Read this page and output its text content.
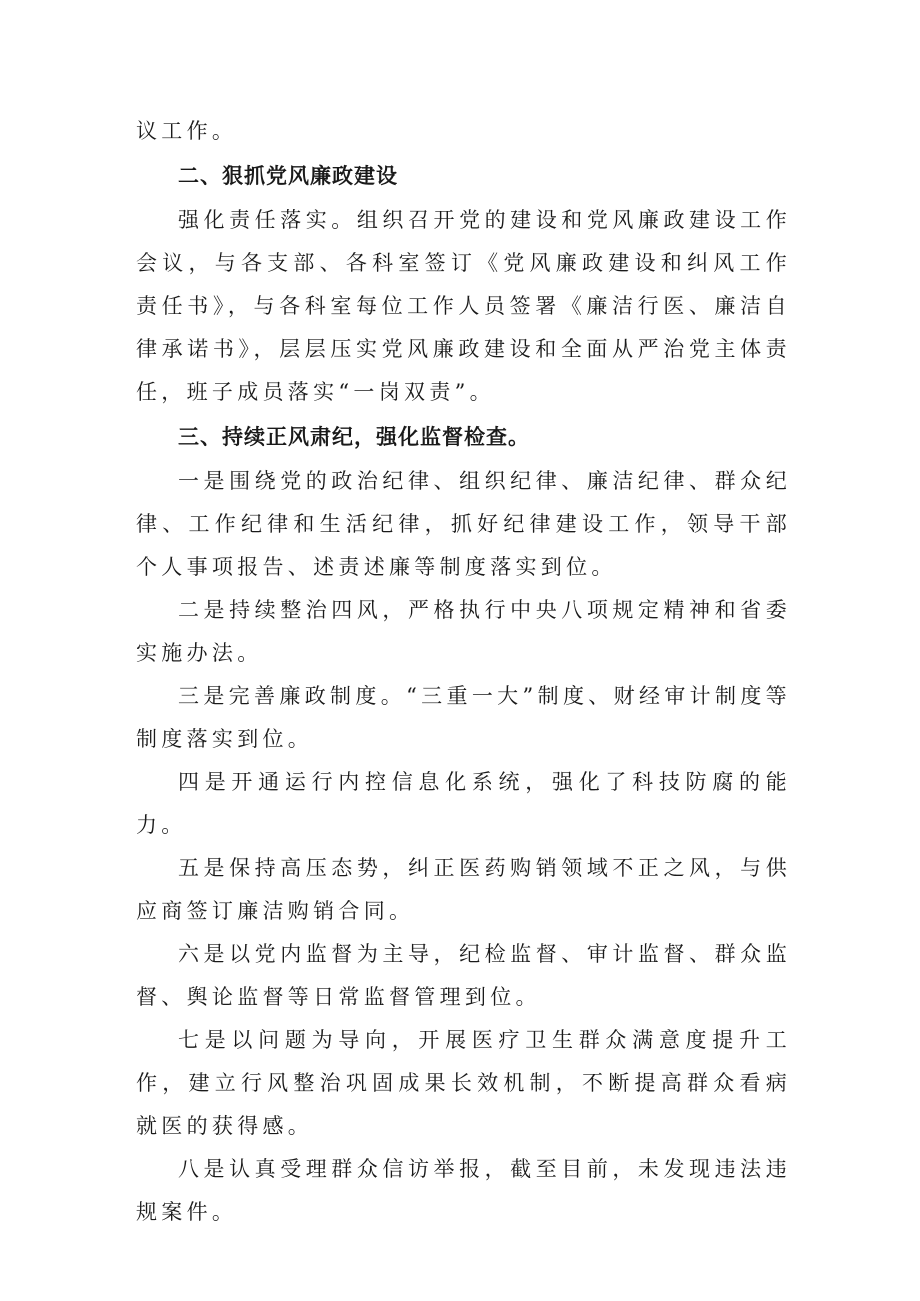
议工作。

二、狠抓党风廉政建设

强化责任落实。组织召开党的建设和党风廉政建设工作会议，与各支部、各科室签订《党风廉政建设和纠风工作责任书》，与各科室每位工作人员签署《廉洁行医、廉洁自律承诺书》，层层压实党风廉政建设和全面从严治党主体责任，班子成员落实“一岗双责”。

三、持续正风肃纪，强化监督检查。

一是围绕党的政治纪律、组织纪律、廉洁纪律、群众纪律、工作纪律和生活纪律，抓好纪律建设工作，领导干部个人事项报告、述责述廉等制度落实到位。

二是持续整治四风，严格执行中央八项规定精神和省委实施办法。

三是完善廉政制度。“三重一大”制度、财经审计制度等制度落实到位。

四是开通运行内控信息化系统，强化了科技防腐的能力。

五是保持高压态势，纠正医药购销领域不正之风，与供应商签订廉洁购销合同。

六是以党内监督为主导，纪检监督、审计监督、群众监督、舆论监督等日常监督管理到位。

七是以问题为导向，开展医疗卫生群众满意度提升工作，建立行风整治巩固成果长效机制，不断提高群众看病就医的获得感。

八是认真受理群众信访举报，截至目前，未发现违法违规案件。
